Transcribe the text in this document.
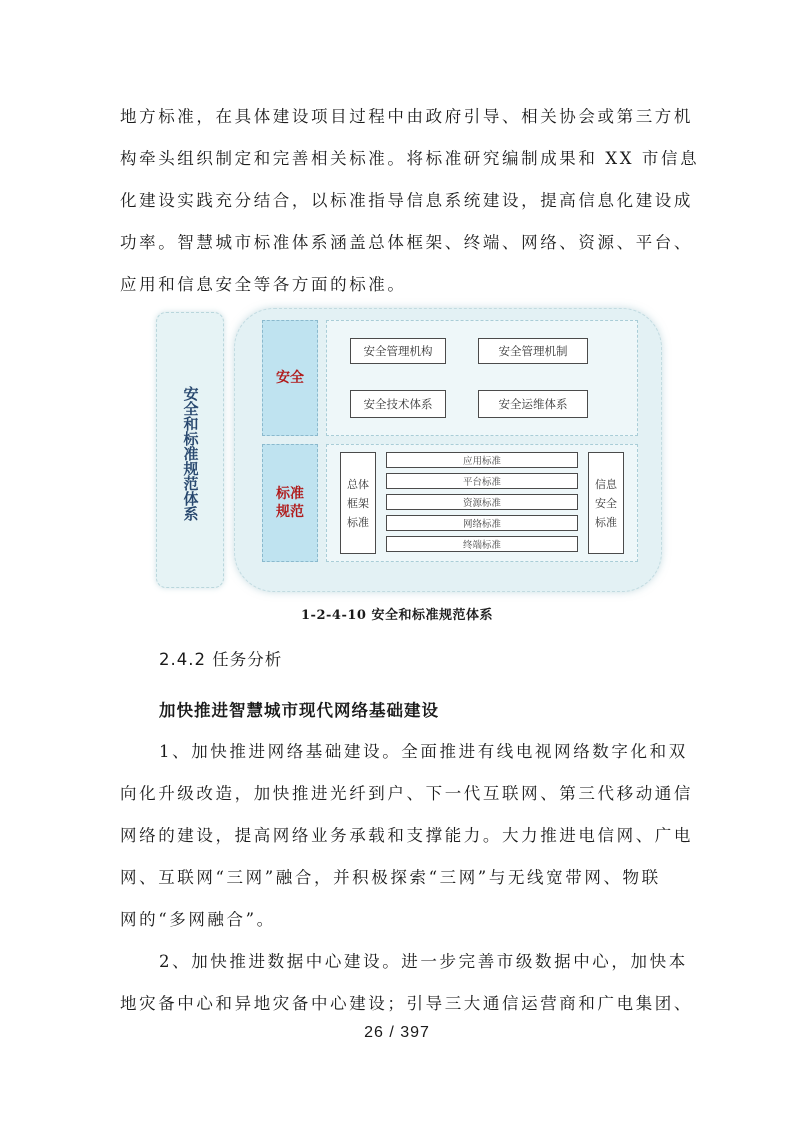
地方标准，在具体建设项目过程中由政府引导、相关协会或第三方机
构牵头组织制定和完善相关标准。将标准研究编制成果和 XX 市信息
化建设实践充分结合，以标准指导信息系统建设，提高信息化建设成
功率。智慧城市标准体系涵盖总体框架、终端、网络、资源、平台、
应用和信息安全等各方面的标准。
安全和标准规范体系
安全
安全管理机构	安全管理机制
安全技术体系	安全运维体系
标准
规范
总体
框架
标准
信息
安全
标准
应用标准
平台标准
资源标准
网络标准
终端标准
1-2-4-10 安全和标准规范体系
2.4.2 任务分析
加快推进智慧城市现代网络基础建设
1、加快推进网络基础建设。全面推进有线电视网络数字化和双
向化升级改造，加快推进光纤到户、下一代互联网、第三代移动通信
网络的建设，提高网络业务承载和支撑能力。大力推进电信网、广电
网、互联网“三网”融合，并积极探索“三网”与无线宽带网、物联
网的“多网融合”。
2、加快推进数据中心建设。进一步完善市级数据中心，加快本
地灾备中心和异地灾备中心建设；引导三大通信运营商和广电集团、
26 / 397
